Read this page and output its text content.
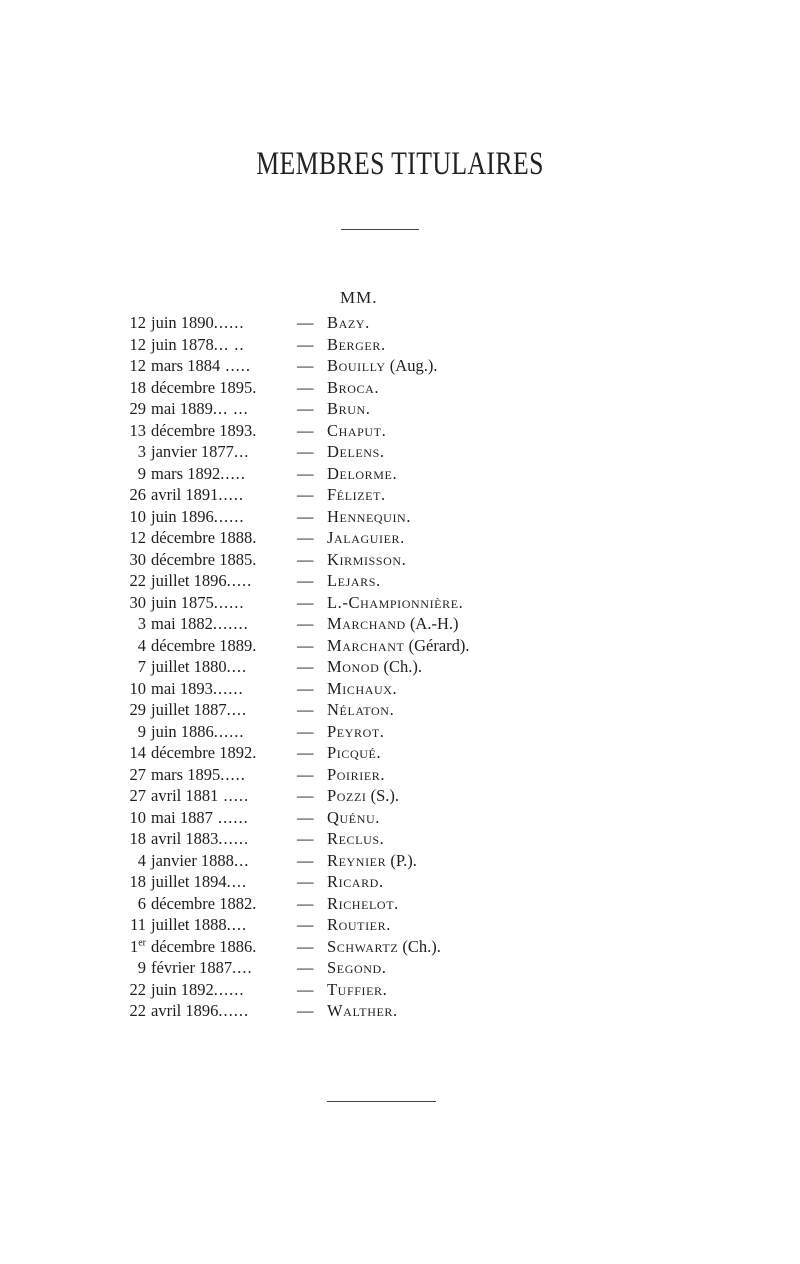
MEMBRES TITULAIRES
MM.
12 juin 1890......	— Bazy.
12 juin 1878... ..	— Berger.
12 mars 1884 .....	— Bouilly (Aug.).
18 décembre 1895.	— Broca.
29 mai 1889... ...	— Brun.
13 décembre 1893.	— Chaput.
3 janvier 1877...	— Delens.
9 mars 1892.....	— Delorme.
26 avril 1891.....	— Félizet.
10 juin 1896......	— Hennequin.
12 décembre 1888.	— Jalaguier.
30 décembre 1885.	— Kirmisson.
22 juillet 1896.....	— Lejars.
30 juin 1875......	— L.-Championnière.
3 mai 1882.......	— Marchand (A.-H.)
4 décembre 1889.	— Marchant (Gérard).
7 juillet 1880....	— Monod (Ch.).
10 mai 1893......	— Michaux.
29 juillet 1887....	— Nélaton.
9 juin 1886......	— Peyrot.
14 décembre 1892.	— Picqué.
27 mars 1895.....	— Poirier.
27 avril 1881 .....	— Pozzi (S.).
10 mai 1887 ......	— Quénu.
18 avril 1883......	— Reclus.
4 janvier 1888...	— Reynier (P.).
18 juillet 1894....	— Ricard.
6 décembre 1882.	— Richelot.
11 juillet 1888....	— Routier.
1er décembre 1886.	— Schwartz (Ch.).
9 février 1887....	— Segond.
22 juin 1892......	— Tuffier.
22 avril 1896......	— Walther.
